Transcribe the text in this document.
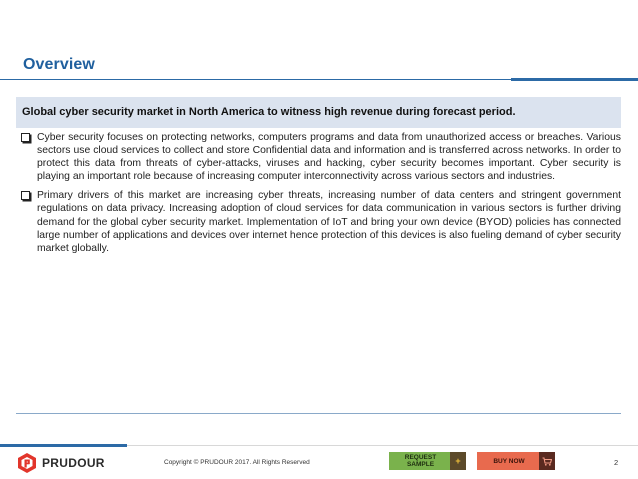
Overview
Global cyber security market in North America to witness high revenue during forecast period.
Cyber security focuses on protecting networks, computers programs and data from unauthorized access or breaches. Various sectors use cloud services to collect and store Confidential data and information and is transferred across networks. In order to protect this data from threats of cyber-attacks, viruses and hacking, cyber security becomes important. Cyber security is playing an important role because of increasing computer interconnectivity across various sectors and industries.
Primary drivers of this market are increasing cyber threats, increasing number of data centers and stringent government regulations on data privacy. Increasing adoption of cloud services for data communication in various sectors is further driving demand for the global cyber security market. Implementation of IoT and bring your own device (BYOD) policies has connected large number of applications and devices over internet hence protection of this devices is also fueling demand of cyber security market globally.
PRUDOUR	Copyright © PRUDOUR 2017. All Rights Reserved
REQUEST SAMPLE	+	BUY NOW	2
